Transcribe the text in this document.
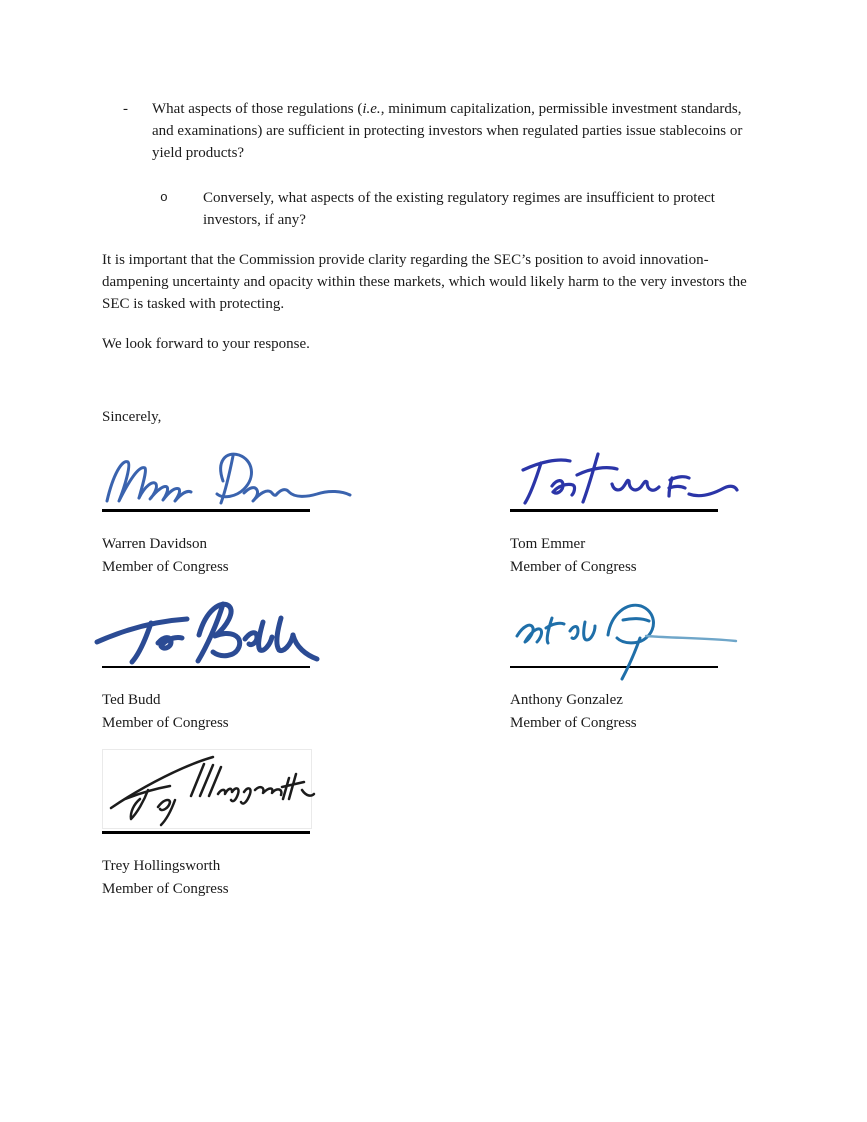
-	What aspects of those regulations (i.e., minimum capitalization, permissible investment standards, and examinations) are sufficient in protecting investors when regulated parties issue stablecoins or yield products?
o	Conversely, what aspects of the existing regulatory regimes are insufficient to protect investors, if any?

It is important that the Commission provide clarity regarding the SEC’s position to avoid innovation-dampening uncertainty and opacity within these markets, which would likely harm to the very investors the SEC is tasked with protecting.

We look forward to your response.

Sincerely,

Warren Davidson
Member of Congress
Tom Emmer
Member of Congress
Ted Budd
Member of Congress
Anthony Gonzalez
Member of Congress
Trey Hollingsworth
Member of Congress
